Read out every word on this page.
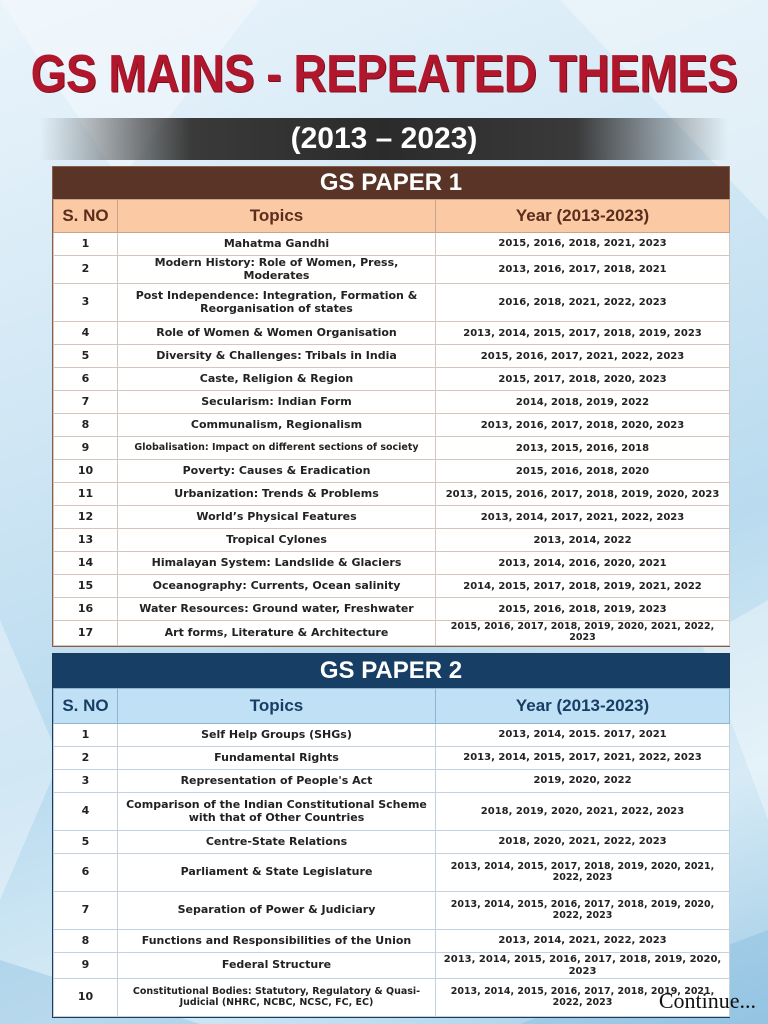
GS MAINS - REPEATED THEMES
(2013 – 2023)
GS PAPER 1
S. NO	Topics	Year (2013-2023)
1	Mahatma Gandhi	2015, 2016, 2018, 2021, 2023
2	Modern History: Role of Women, Press, Moderates	2013, 2016, 2017, 2018, 2021
3	Post Independence: Integration, Formation & Reorganisation of states	2016, 2018, 2021, 2022, 2023
4	Role of Women & Women Organisation	2013, 2014, 2015, 2017, 2018, 2019, 2023
5	Diversity & Challenges: Tribals in India	2015, 2016, 2017, 2021, 2022, 2023
6	Caste, Religion & Region	2015, 2017, 2018, 2020, 2023
7	Secularism: Indian Form	2014, 2018, 2019, 2022
8	Communalism, Regionalism	2013, 2016, 2017, 2018, 2020, 2023
9	Globalisation: Impact on different sections of society	2013, 2015, 2016, 2018
10	Poverty: Causes & Eradication	2015, 2016, 2018, 2020
11	Urbanization: Trends & Problems	2013, 2015, 2016, 2017, 2018, 2019, 2020, 2023
12	World’s Physical Features	2013, 2014, 2017, 2021, 2022, 2023
13	Tropical Cylones	2013, 2014, 2022
14	Himalayan System: Landslide & Glaciers	2013, 2014, 2016, 2020, 2021
15	Oceanography: Currents, Ocean salinity	2014, 2015, 2017, 2018, 2019, 2021, 2022
16	Water Resources: Ground water, Freshwater	2015, 2016, 2018, 2019, 2023
17	Art forms, Literature & Architecture	2015, 2016, 2017, 2018, 2019, 2020, 2021, 2022, 2023
GS PAPER 2
S. NO	Topics	Year (2013-2023)
1	Self Help Groups (SHGs)	2013, 2014, 2015. 2017, 2021
2	Fundamental Rights	2013, 2014, 2015, 2017, 2021, 2022, 2023
3	Representation of People's Act	2019, 2020, 2022
4	Comparison of the Indian Constitutional Scheme with that of Other Countries	2018, 2019, 2020, 2021, 2022, 2023
5	Centre-State Relations	2018, 2020, 2021, 2022, 2023
6	Parliament & State Legislature	2013, 2014, 2015, 2017, 2018, 2019, 2020, 2021, 2022, 2023
7	Separation of Power & Judiciary	2013, 2014, 2015, 2016, 2017, 2018, 2019, 2020, 2022, 2023
8	Functions and Responsibilities of the Union	2013, 2014, 2021, 2022, 2023
9	Federal Structure	2013, 2014, 2015, 2016, 2017, 2018, 2019, 2020, 2023
10	Constitutional Bodies: Statutory, Regulatory & Quasi-Judicial (NHRC, NCBC, NCSC, FC, EC)	2013, 2014, 2015, 2016, 2017, 2018, 2019, 2021, 2022, 2023 Continue...
